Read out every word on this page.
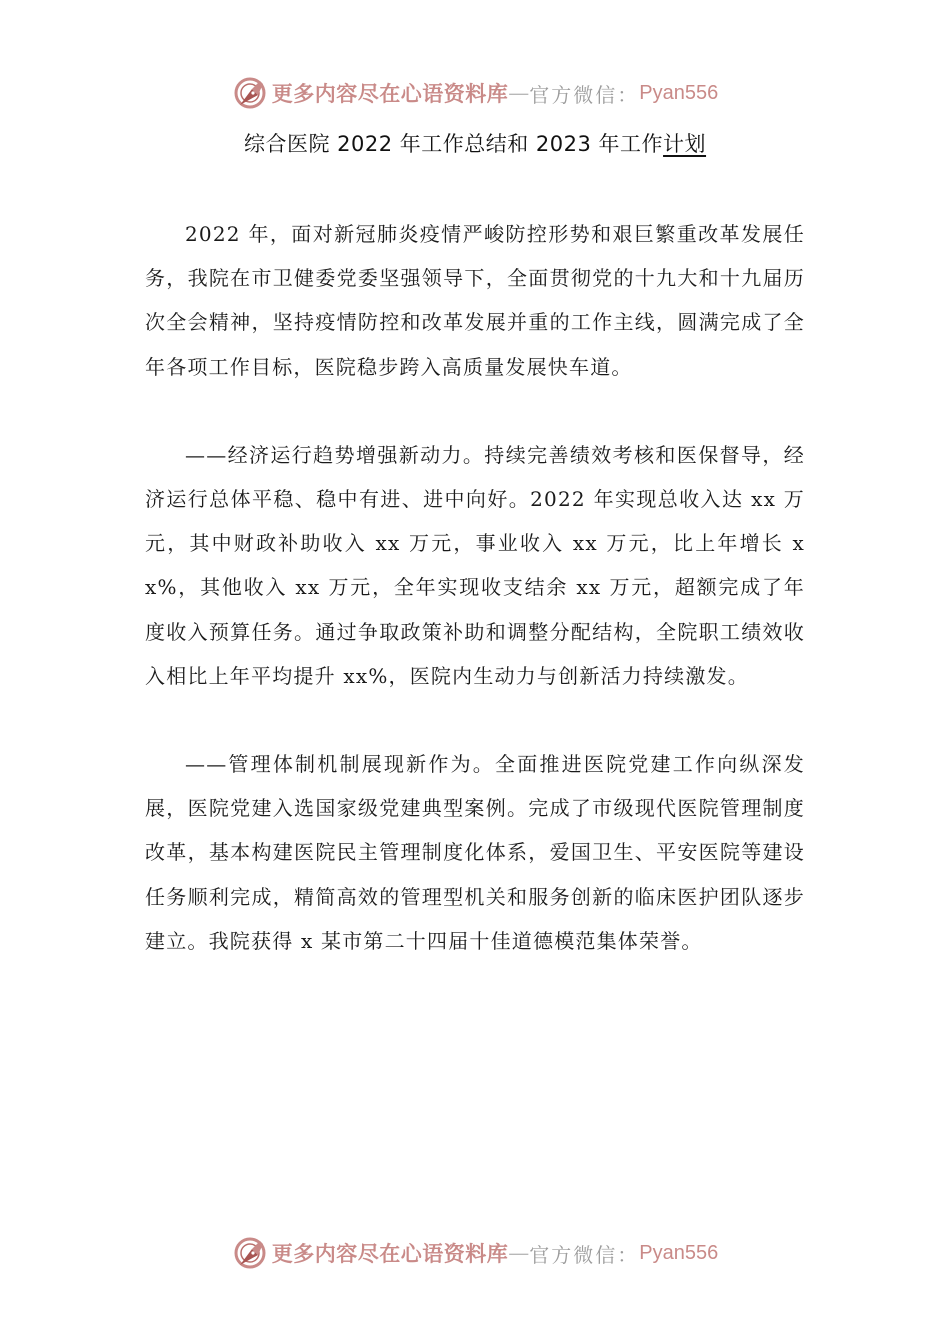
更多内容尽在心语资料库 — 官方微信： Pyan556
综合医院 2022 年工作总结和 2023 年工作计划

2022 年，面对新冠肺炎疫情严峻防控形势和艰巨繁重改革发展任务，我院在市卫健委党委坚强领导下，全面贯彻党的十九大和十九届历次全会精神，坚持疫情防控和改革发展并重的工作主线，圆满完成了全年各项工作目标，医院稳步跨入高质量发展快车道。

——经济运行趋势增强新动力。持续完善绩效考核和医保督导，经济运行总体平稳、稳中有进、进中向好。2022 年实现总收入达 xx 万元，其中财政补助收入 xx 万元，事业收入 xx 万元，比上年增长 xx%，其他收入 xx 万元，全年实现收支结余 xx 万元，超额完成了年度收入预算任务。通过争取政策补助和调整分配结构，全院职工绩效收入相比上年平均提升 xx%，医院内生动力与创新活力持续激发。

——管理体制机制展现新作为。全面推进医院党建工作向纵深发展，医院党建入选国家级党建典型案例。完成了市级现代医院管理制度改革，基本构建医院民主管理制度化体系，爱国卫生、平安医院等建设任务顺利完成，精简高效的管理型机关和服务创新的临床医护团队逐步建立。我院获得 x 某市第二十四届十佳道德模范集体荣誉。

更多内容尽在心语资料库 — 官方微信： Pyan556
